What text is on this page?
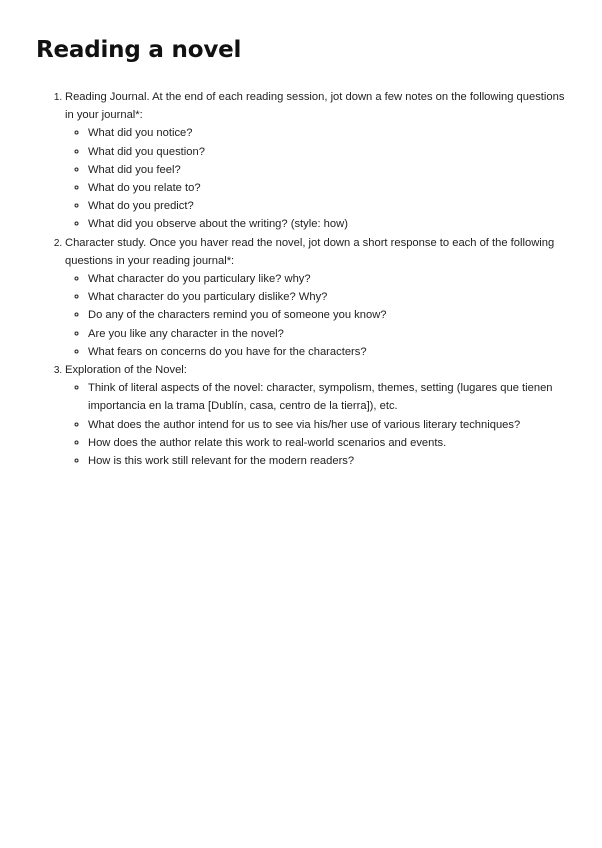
Reading a novel
1. Reading Journal. At the end of each reading session, jot down a few notes on the following questions in your journal*:
◦ What did you notice?
◦ What did you question?
◦ What did you feel?
◦ What do you relate to?
◦ What do you predict?
◦ What did you observe about the writing? (style: how)
2. Character study. Once you haver read the novel, jot down a short response to each of the following questions in your reading journal*:
◦ What character do you particulary like? why?
◦ What character do you particulary dislike? Why?
◦ Do any of the characters remind you of someone you know?
◦ Are you like any character in the novel?
◦ What fears on concerns do you have for the characters?
3. Exploration of the Novel:
◦ Think of literal aspects of the novel: character, sympolism, themes, setting (lugares que tienen importancia en la trama [Dublín, casa, centro de la tierra]), etc.
◦ What does the author intend for us to see via his/her use of various literary techniques?
◦ How does the author relate this work to real-world scenarios and events.
◦ How is this work still relevant for the modern readers?
